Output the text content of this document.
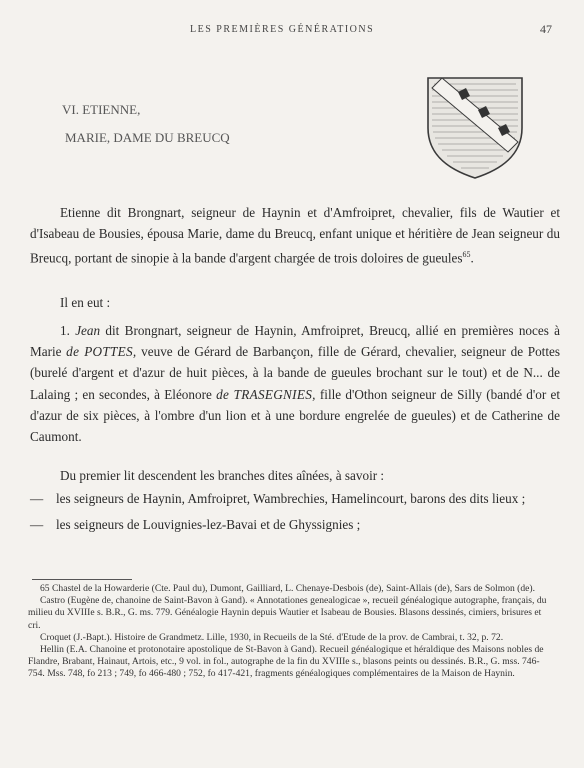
LES PREMIÈRES GÉNÉRATIONS	47
VI. ETIENNE,
MARIE, DAME DU BREUCQ
Etienne dit Brongnart, seigneur de Haynin et d'Amfroipret, chevalier, fils de Wautier et d'Isabeau de Bousies, épousa Marie, dame du Breucq, enfant unique et héritière de Jean seigneur du Breucq, portant de sinopie à la bande d'argent chargée de trois doloires de gueules$^{65}$.
Il en eut :
1. Jean dit Brongnart, seigneur de Haynin, Amfroipret, Breucq, allié en premières noces à Marie de POTTES, veuve de Gérard de Barbançon, fille de Gérard, chevalier, seigneur de Pottes (burelé d'argent et d'azur de huit pièces, à la bande de gueules brochant sur le tout) et de N... de Lalaing ; en secondes, à Eléonore de TRASEGNIES, fille d'Othon seigneur de Silly (bandé d'or et d'azur de six pièces, à l'ombre d'un lion et à une bordure engrelée de gueules) et de Catherine de Caumont.
Du premier lit descendent les branches dites aînées, à savoir :
— les seigneurs de Haynin, Amfroipret, Wambrechies, Hamelincourt, barons des dits lieux ;
— les seigneurs de Louvignies-lez-Bavai et de Ghyssignies ;

65 Chastel de la Howarderie (Cte. Paul du), Dumont, Gailliard, L. Chenaye-Desbois (de), Saint-Allais (de), Sars de Solmon (de).

Castro (Eugène de, chanoine de Saint-Bavon à Gand). « Annotationes genealogicae », recueil généalogique autographe, français, du milieu du XVIIIe s. B.R., G. ms. 779. Généalogie Haynin depuis Wautier et Isabeau de Bousies. Blasons dessinés, cimiers, brisures et cri.

Croquet (J.-Bapt.). Histoire de Grandmetz. Lille, 1930, in Recueils de la Sté. d'Etude de la prov. de Cambrai, t. 32, p. 72.

Hellin (E.A. Chanoine et protonotaire apostolique de St-Bavon à Gand). Recueil généalogique et héraldique des Maisons nobles de Flandre, Brabant, Hainaut, Artois, etc., 9 vol. in fol., autographe de la fin du XVIIIe s., blasons peints ou dessinés. B.R., G. mss. 746-754. Mss. 748, fo 213 ; 749, fo 466-480 ; 752, fo 417-421, fragments généalogiques complémentaires de la Maison de Haynin.
